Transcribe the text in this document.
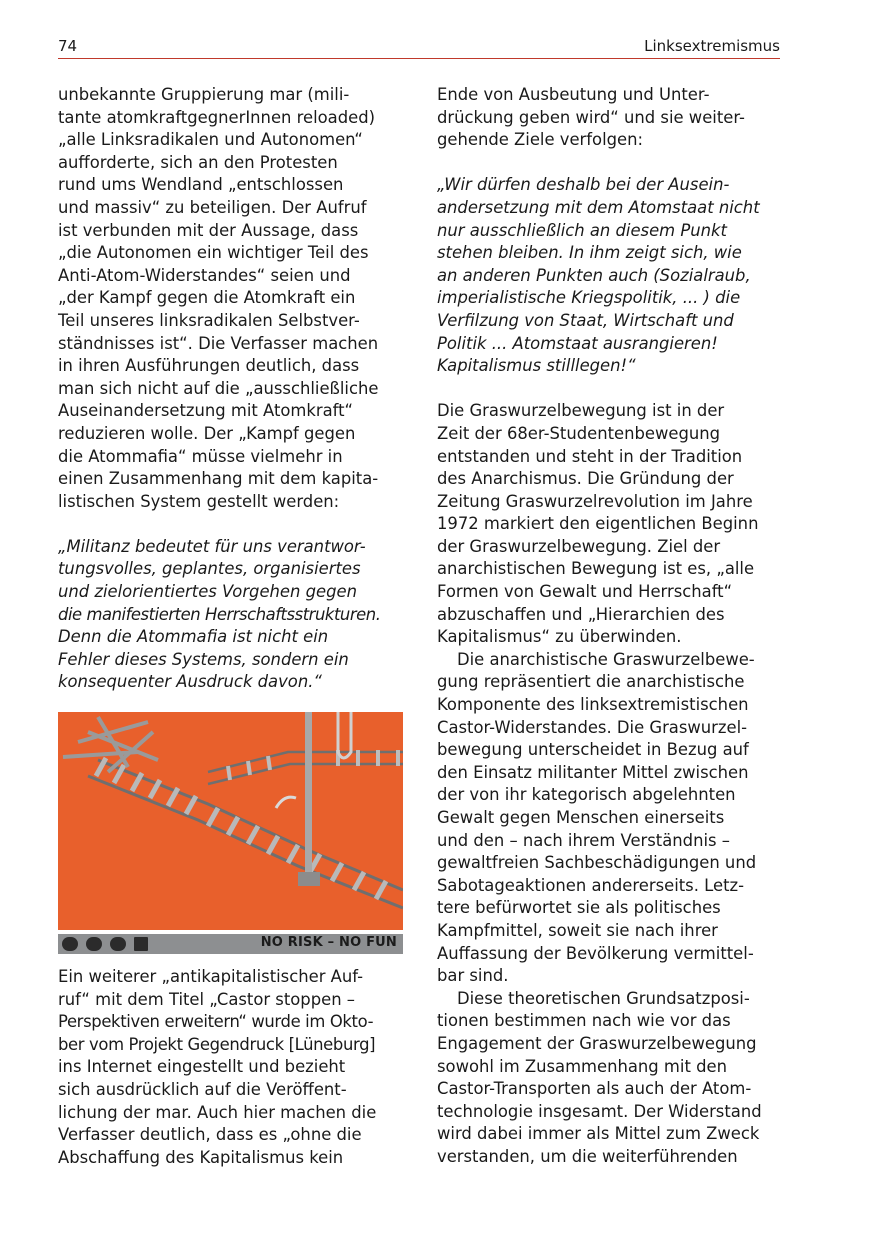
74	Linksextremismus

unbekannte Gruppierung mar (mili-

tante atomkraftgegnerInnen reloaded)

„alle Linksradikalen und Autonomen“

aufforderte, sich an den Protesten

rund ums Wendland „entschlossen

und massiv“ zu beteiligen. Der Aufruf

ist verbunden mit der Aussage, dass

„die Autonomen ein wichtiger Teil des

Anti-Atom-Widerstandes“ seien und

„der Kampf gegen die Atomkraft ein

Teil unseres linksradikalen Selbstver-

ständnisses ist“. Die Verfasser machen

in ihren Ausführungen deutlich, dass

man sich nicht auf die „ausschließliche

Auseinandersetzung mit Atomkraft“

reduzieren wolle. Der „Kampf gegen

die Atommafia“ müsse vielmehr in

einen Zusammenhang mit dem kapita-

listischen System gestellt werden:

„Militanz bedeutet für uns verantwor-

tungsvolles, geplantes, organisiertes

und zielorientiertes Vorgehen gegen

die manifestierten Herrschaftsstrukturen.

Denn die Atommafia ist nicht ein

Fehler dieses Systems, sondern ein

konsequenter Ausdruck davon.“

NO RISK – NO FUN

Ein weiterer „antikapitalistischer Auf-

ruf“ mit dem Titel „Castor stoppen –

Perspektiven erweitern“ wurde im Okto-

ber vom Projekt Gegendruck [Lüneburg]

ins Internet eingestellt und bezieht

sich ausdrücklich auf die Veröffent-

lichung der mar. Auch hier machen die

Verfasser deutlich, dass es „ohne die

Abschaffung des Kapitalismus kein

Ende von Ausbeutung und Unter-

drückung geben wird“ und sie weiter-

gehende Ziele verfolgen:

„Wir dürfen deshalb bei der Ausein-

andersetzung mit dem Atomstaat nicht

nur ausschließlich an diesem Punkt

stehen bleiben. In ihm zeigt sich, wie

an anderen Punkten auch (Sozialraub,

imperialistische Kriegspolitik, ... ) die

Verfilzung von Staat, Wirtschaft und

Politik ... Atomstaat ausrangieren!

Kapitalismus stilllegen!“

Die Graswurzelbewegung ist in der

Zeit der 68er-Studentenbewegung

entstanden und steht in der Tradition

des Anarchismus. Die Gründung der

Zeitung Graswurzelrevolution im Jahre

1972 markiert den eigentlichen Beginn

der Graswurzelbewegung. Ziel der

anarchistischen Bewegung ist es, „alle

Formen von Gewalt und Herrschaft“

abzuschaffen und „Hierarchien des

Kapitalismus“ zu überwinden.

Die anarchistische Graswurzelbewe-

gung repräsentiert die anarchistische

Komponente des linksextremistischen

Castor-Widerstandes. Die Graswurzel-

bewegung unterscheidet in Bezug auf

den Einsatz militanter Mittel zwischen

der von ihr kategorisch abgelehnten

Gewalt gegen Menschen einerseits

und den – nach ihrem Verständnis –

gewaltfreien Sachbeschädigungen und

Sabotageaktionen andererseits. Letz-

tere befürwortet sie als politisches

Kampfmittel, soweit sie nach ihrer

Auffassung der Bevölkerung vermittel-

bar sind.

Diese theoretischen Grundsatzposi-

tionen bestimmen nach wie vor das

Engagement der Graswurzelbewegung

sowohl im Zusammenhang mit den

Castor-Transporten als auch der Atom-

technologie insgesamt. Der Widerstand

wird dabei immer als Mittel zum Zweck

verstanden, um die weiterführenden
